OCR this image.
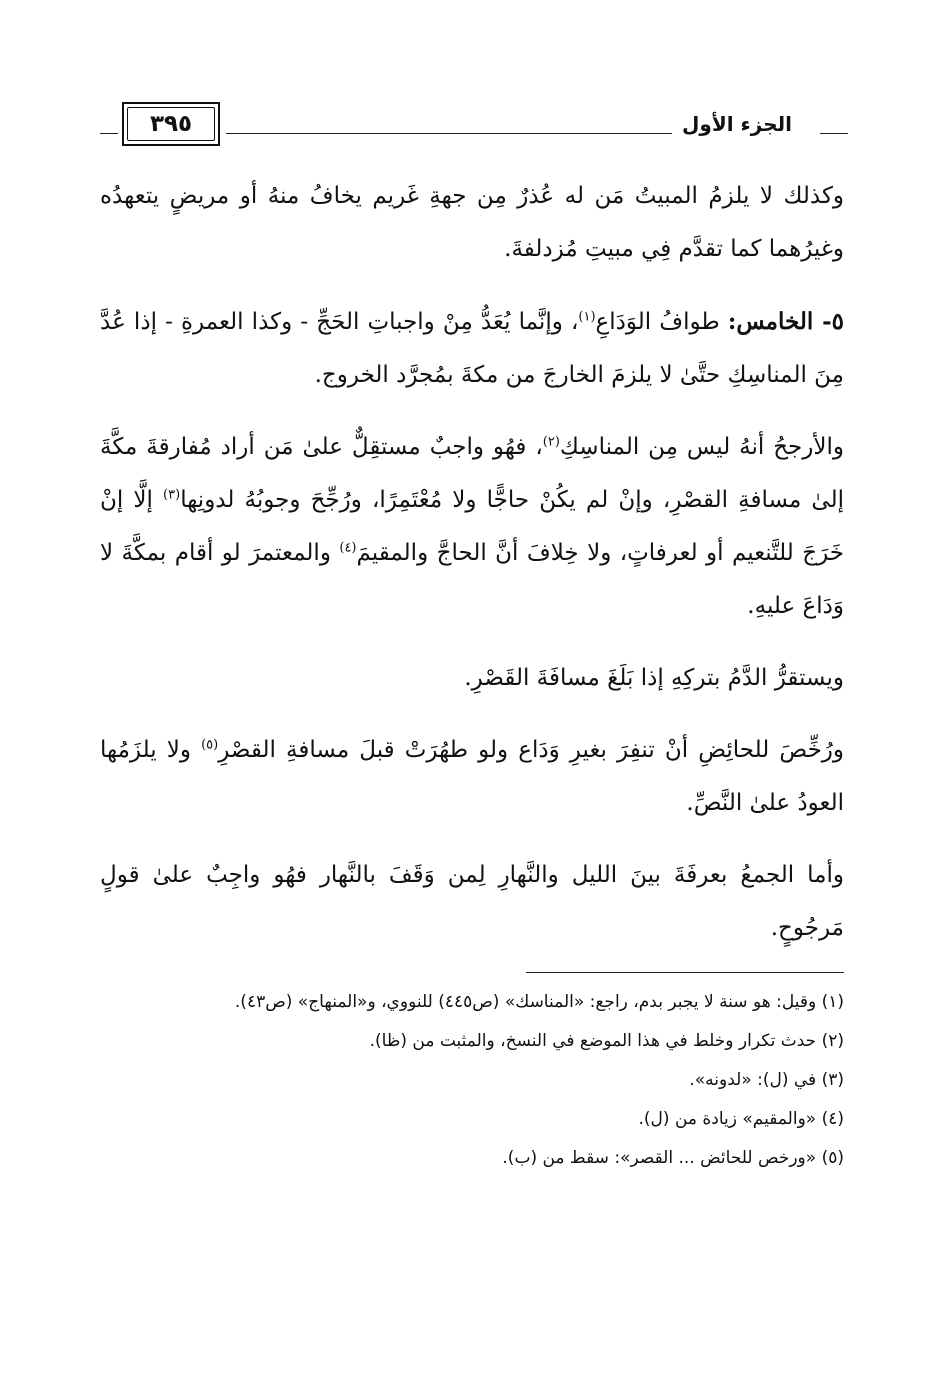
الجزء الأول
٣٩٥

وكذلك لا يلزمُ المبيتُ مَن له عُذرٌ مِن جهةِ غَريم يخافُ منهُ أو مريضٍ يتعهدُه وغيرُهما كما تقدَّم فِي مبيتِ مُزدلفةَ.

٥- الخامس: طوافُ الوَدَاعِ$^{(١)}$، وإنَّما يُعَدُّ مِنْ واجباتِ الحَجِّ - وكذا العمرةِ - إذا عُدَّ مِنَ المناسِكِ حتَّىٰ لا يلزمَ الخارجَ من مكةَ بمُجرَّد الخروج.

والأرجحُ أنهُ ليس مِن المناسِكِ$^{(٢)}$، فهُو واجبٌ مستقِلٌّ علىٰ مَن أراد مُفارقةَ مكَّةَ إلىٰ مسافةِ القصْرِ، وإنْ لم يكُنْ حاجًّا ولا مُعْتَمِرًا، ورُجِّحَ وجوبُهُ لدونِها$^{(٣)}$ إلَّا إنْ خَرَجَ للتَّنعيم أو لعرفاتٍ، ولا خِلافَ أنَّ الحاجَّ والمقيمَ$^{(٤)}$ والمعتمرَ لو أقام بمكَّةَ لا وَدَاعَ عليهِ.

ويستقرُّ الدَّمُ بتركِهِ إذا بَلَغَ مسافَةَ القَصْرِ.

ورُخِّصَ للحائِضِ أنْ تنفِرَ بغيرِ وَدَاع ولو طهُرَتْ قبلَ مسافةِ القصْرِ$^{(٥)}$ ولا يلزَمُها العودُ علىٰ النَّصِّ.

وأما الجمعُ بعرفَةَ بينَ الليل والنَّهارِ لِمن وَقَفَ بالنَّهار فهُو واجِبٌ علىٰ قولٍ مَرجُوحٍ.

(١) وقيل: هو سنة لا يجبر بدم، راجع: «المناسك» (ص٤٤٥) للنووي، و«المنهاج» (ص٤٣).

(٢) حدث تكرار وخلط في هذا الموضع في النسخ، والمثبت من (ظا).

(٣) في (ل): «لدونه».

(٤) «والمقيم» زيادة من (ل).

(٥) «ورخص للحائض ... القصر»: سقط من (ب).
